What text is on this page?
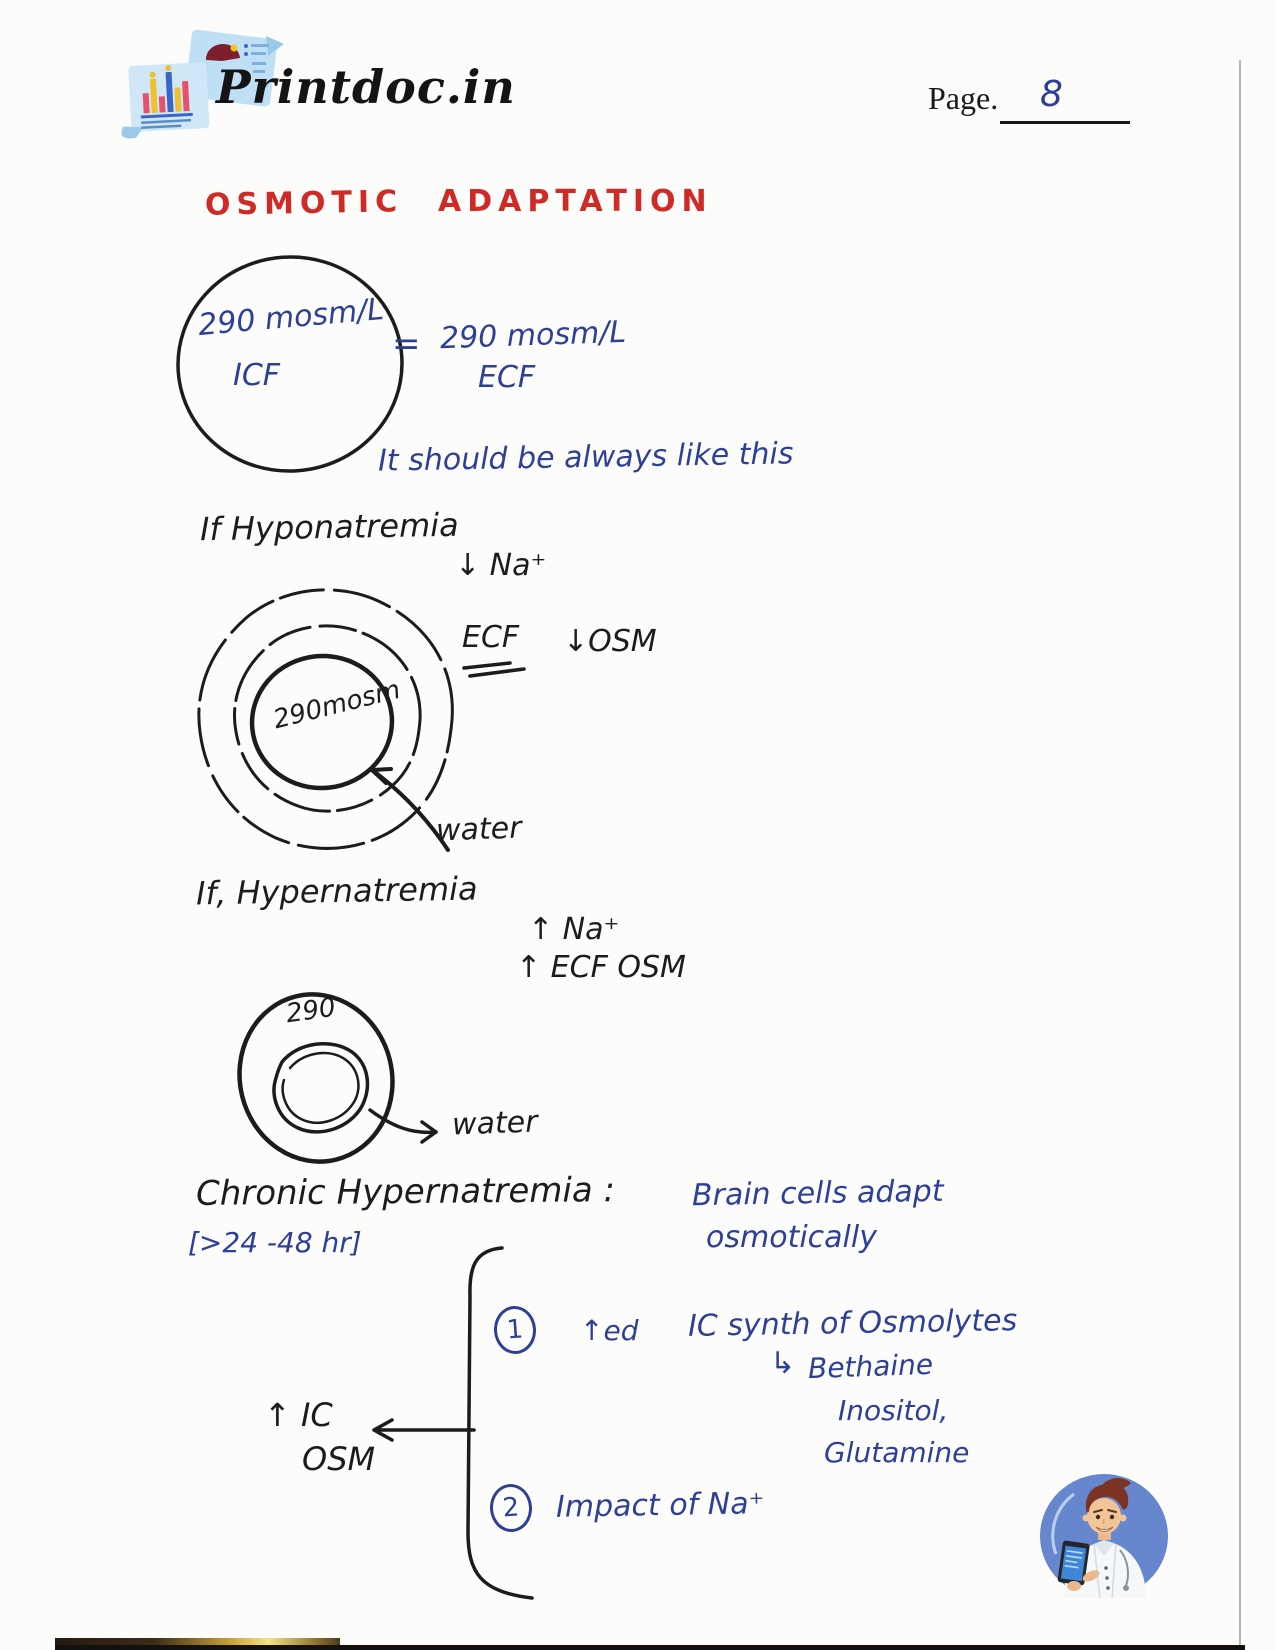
Printdoc.in	Page. 8
OSMOTIC ADAPTATION
290 mosm/L
ICF
= 290 mosm/L
ECF
It should be always like this
If Hyponatremia
↓ Na⁺
290mosm
ECF ↓OSM
water
If, Hypernatremia
↑ Na⁺
↑ ECF OSM
290
water
Chronic Hypernatremia :
[>24 -48 hr]
Brain cells adapt
osmotically
1	↑ed IC synth of Osmolytes
↳ Bethaine
Inositol,
Glutamine
↑ IC
OSM
2	Impact of Na⁺
